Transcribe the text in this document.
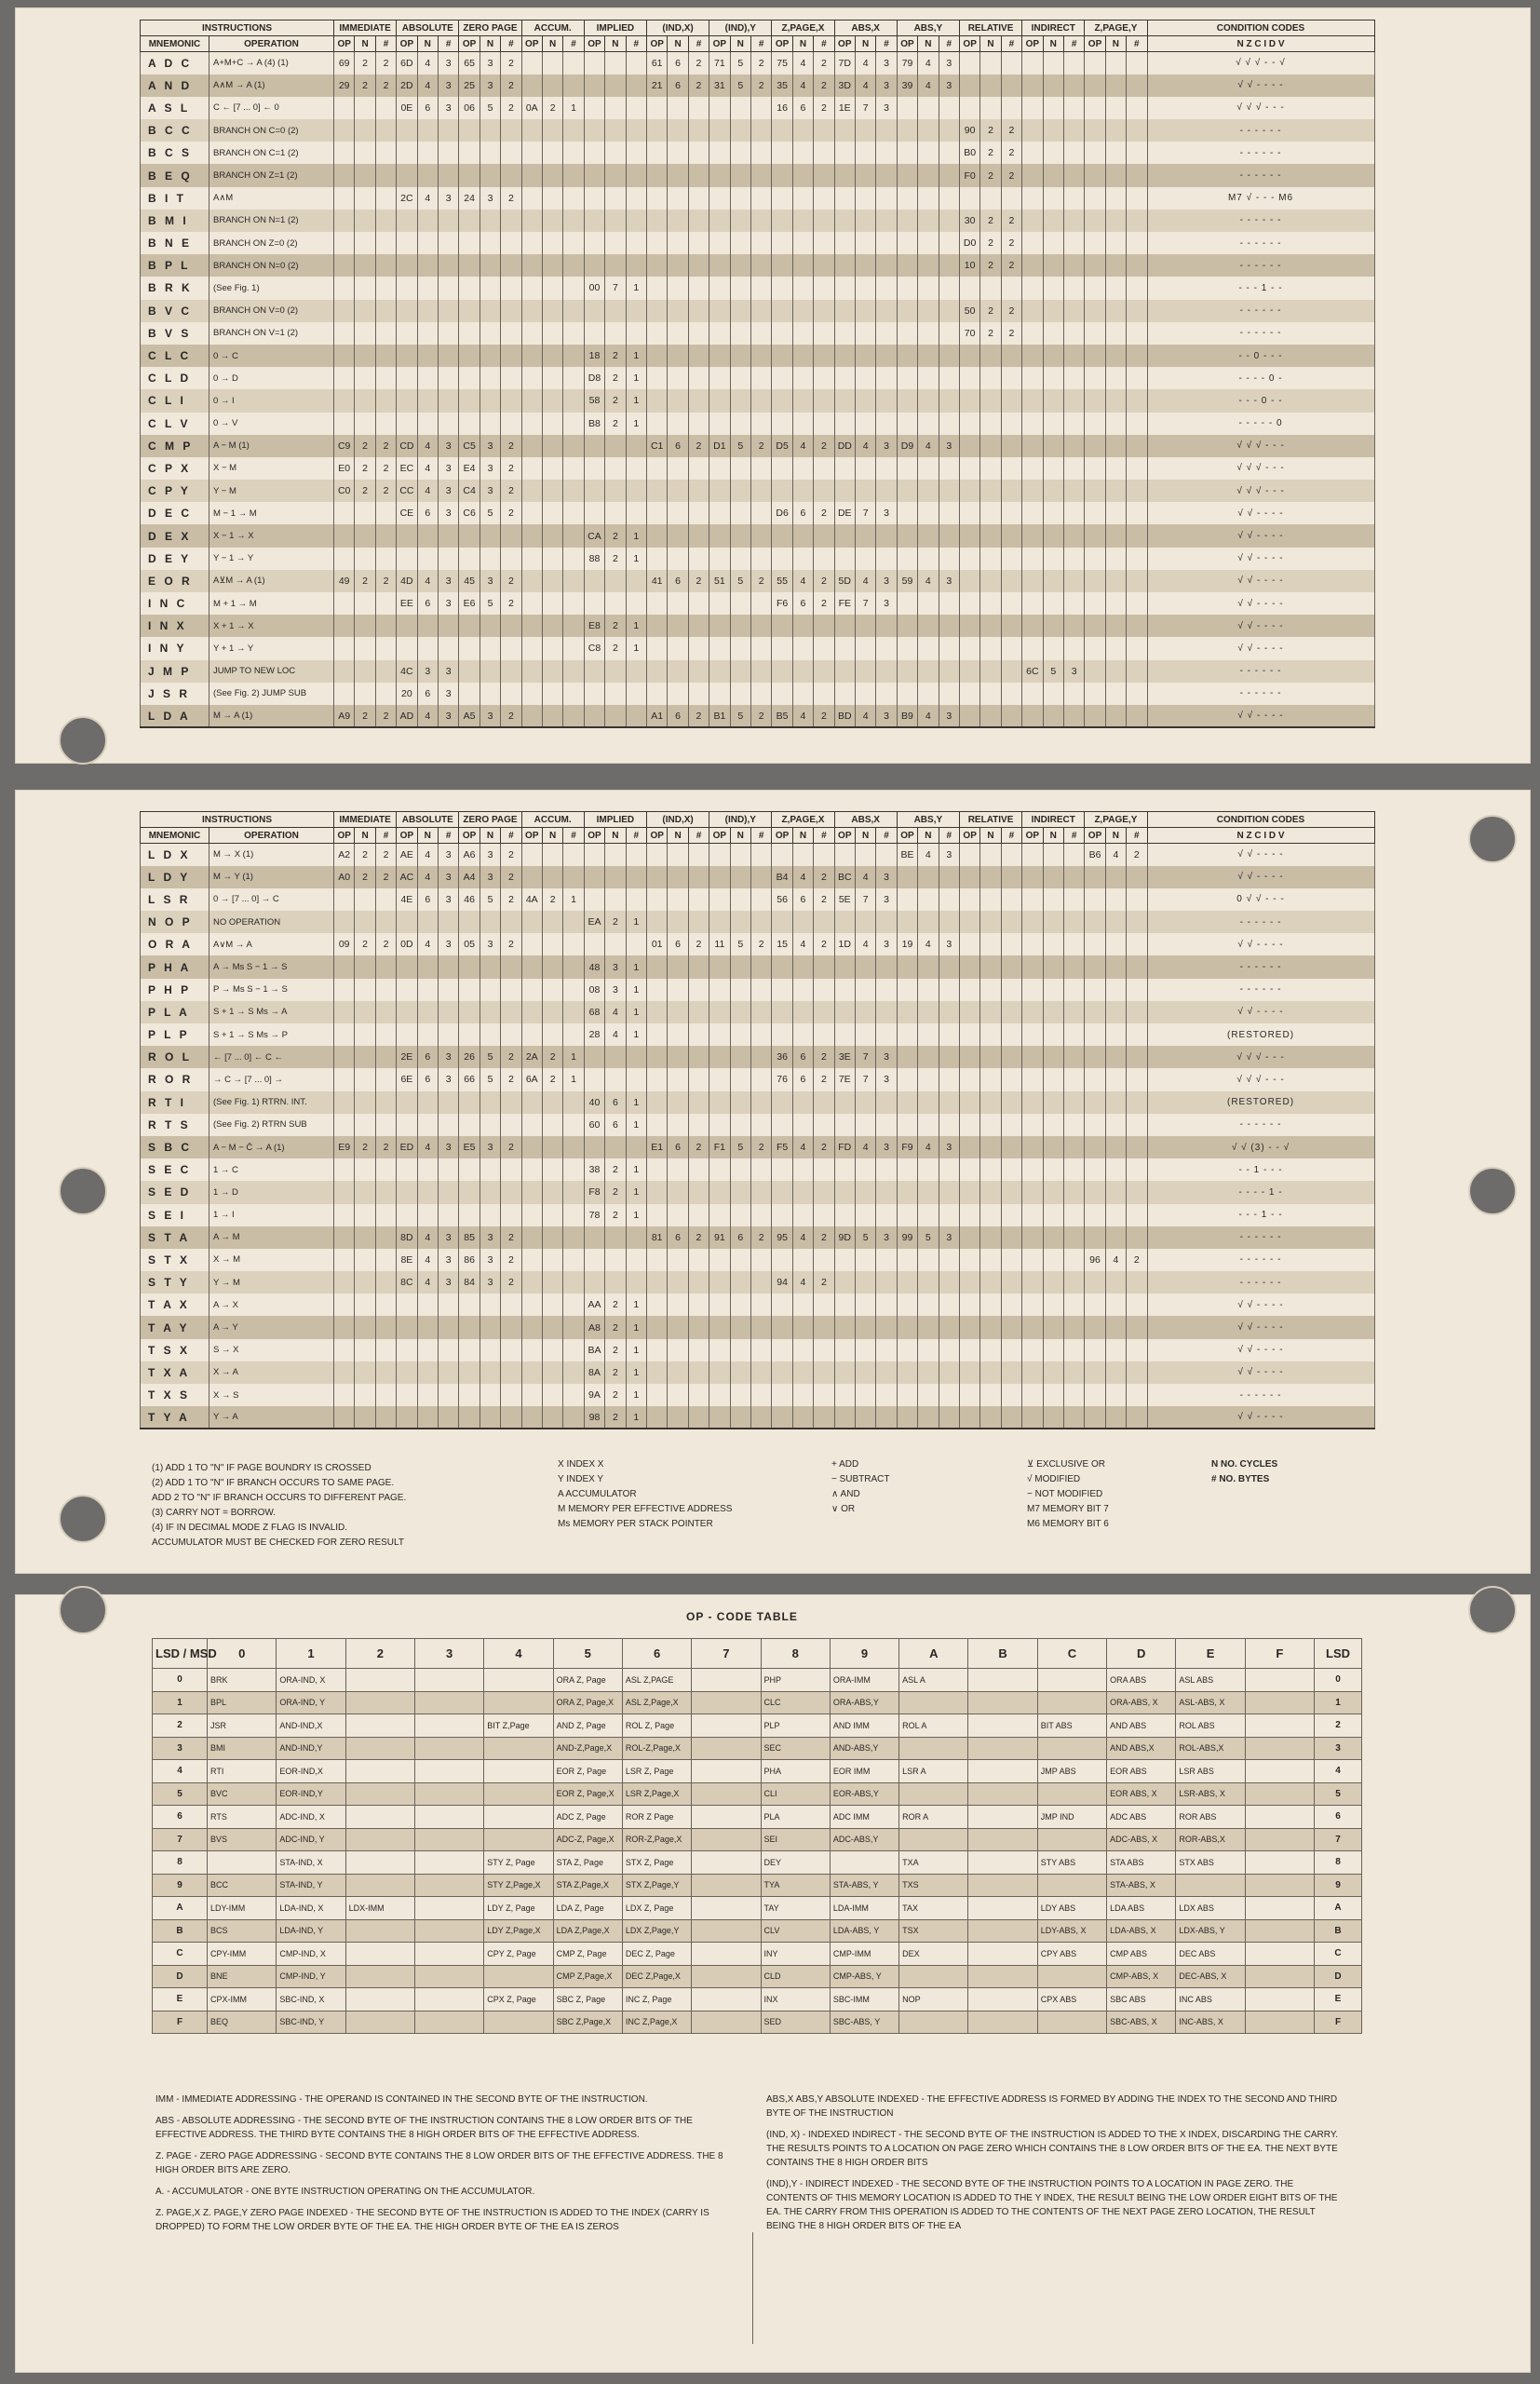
INSTRUCTIONS		IMMEDIATE			ABSOLUTE			ZERO PAGE			ACCUM.			IMPLIED			(IND,X)			(IND),Y			Z,PAGE,X			ABS,X			ABS,Y			RELATIVE			INDIRECT			Z,PAGE,Y			CONDITION CODES
MNEMONIC	OPERATION	OP	N	#	OP	N	#	OP	N	#	OP	N	#	OP	N	#	OP	N	#	OP	N	#	OP	N	#	OP	N	#	OP	N	#	OP	N	#	OP	N	#	OP	N	#	N Z C I D V
A D C	A+M+C → A (4) (1)	69	2	2	6D	4	3	65	3	2							61	6	2	71	5	2	75	4	2	7D	4	3	79	4	3										√ √ √ - - √
A N D	A∧M → A (1)	29	2	2	2D	4	3	25	3	2							21	6	2	31	5	2	35	4	2	3D	4	3	39	4	3										√ √ - - - -
A S L	C ← [7 ... 0] ← 0				0E	6	3	06	5	2	0A	2	1										16	6	2	1E	7	3													√ √ √ - - -
B C C	BRANCH ON C=0 (2)																															90	2	2							- - - - - -
B C S	BRANCH ON C=1 (2)																															B0	2	2							- - - - - -
B E Q	BRANCH ON Z=1 (2)																															F0	2	2							- - - - - -
B I T	A∧M				2C	4	3	24	3	2																															M7 √ - - - M6
B M I	BRANCH ON N=1 (2)																															30	2	2							- - - - - -
B N E	BRANCH ON Z=0 (2)																															D0	2	2							- - - - - -
B P L	BRANCH ON N=0 (2)																															10	2	2							- - - - - -
B R K	(See Fig. 1)													00	7	1																									- - - 1 - -
B V C	BRANCH ON V=0 (2)																															50	2	2							- - - - - -
B V S	BRANCH ON V=1 (2)																															70	2	2							- - - - - -
C L C	0 → C													18	2	1																									- - 0 - - -
C L D	0 → D													D8	2	1																									- - - - 0 -
C L I	0 → I													58	2	1																									- - - 0 - -
C L V	0 → V													B8	2	1																									- - - - - 0
C M P	A − M (1)	C9	2	2	CD	4	3	C5	3	2							C1	6	2	D1	5	2	D5	4	2	DD	4	3	D9	4	3										√ √ √ - - -
C P X	X − M	E0	2	2	EC	4	3	E4	3	2																															√ √ √ - - -
C P Y	Y − M	C0	2	2	CC	4	3	C4	3	2																															√ √ √ - - -
D E C	M − 1 → M				CE	6	3	C6	5	2													D6	6	2	DE	7	3													√ √ - - - -
D E X	X − 1 → X													CA	2	1																									√ √ - - - -
D E Y	Y − 1 → Y													88	2	1																									√ √ - - - -
E O R	A⊻M → A (1)	49	2	2	4D	4	3	45	3	2							41	6	2	51	5	2	55	4	2	5D	4	3	59	4	3										√ √ - - - -
I N C	M + 1 → M				EE	6	3	E6	5	2													F6	6	2	FE	7	3													√ √ - - - -
I N X	X + 1 → X													E8	2	1																									√ √ - - - -
I N Y	Y + 1 → Y													C8	2	1																									√ √ - - - -
J M P	JUMP TO NEW LOC				4C	3	3																												6C	5	3				- - - - - -
J S R	(See Fig. 2) JUMP SUB				20	6	3																																		- - - - - -
L D A	M → A (1)	A9	2	2	AD	4	3	A5	3	2							A1	6	2	B1	5	2	B5	4	2	BD	4	3	B9	4	3										√ √ - - - -
INSTRUCTIONS		IMMEDIATE			ABSOLUTE			ZERO PAGE			ACCUM.			IMPLIED			(IND,X)			(IND),Y			Z,PAGE,X			ABS,X			ABS,Y			RELATIVE			INDIRECT			Z,PAGE,Y			CONDITION CODES
MNEMONIC	OPERATION	OP	N	#	OP	N	#	OP	N	#	OP	N	#	OP	N	#	OP	N	#	OP	N	#	OP	N	#	OP	N	#	OP	N	#	OP	N	#	OP	N	#	OP	N	#	N Z C I D V
L D X	M → X (1)	A2	2	2	AE	4	3	A6	3	2																			BE	4	3							B6	4	2	√ √ - - - -
L D Y	M → Y (1)	A0	2	2	AC	4	3	A4	3	2													B4	4	2	BC	4	3													√ √ - - - -
L S R	0 → [7 ... 0] → C				4E	6	3	46	5	2	4A	2	1										56	6	2	5E	7	3													0 √ √ - - -
N O P	NO OPERATION													EA	2	1																									- - - - - -
O R A	A∨M → A	09	2	2	0D	4	3	05	3	2							01	6	2	11	5	2	15	4	2	1D	4	3	19	4	3										√ √ - - - -
P H A	A → Ms S − 1 → S													48	3	1																									- - - - - -
P H P	P → Ms S − 1 → S													08	3	1																									- - - - - -
P L A	S + 1 → S Ms → A													68	4	1																									√ √ - - - -
P L P	S + 1 → S Ms → P													28	4	1																									(RESTORED)
R O L	← [7 ... 0] ← C ←				2E	6	3	26	5	2	2A	2	1										36	6	2	3E	7	3													√ √ √ - - -
R O R	→ C → [7 ... 0] →				6E	6	3	66	5	2	6A	2	1										76	6	2	7E	7	3													√ √ √ - - -
R T I	(See Fig. 1) RTRN. INT.													40	6	1																									(RESTORED)
R T S	(See Fig. 2) RTRN SUB													60	6	1																									- - - - - -
S B C	A − M − C̄ → A (1)	E9	2	2	ED	4	3	E5	3	2							E1	6	2	F1	5	2	F5	4	2	FD	4	3	F9	4	3										√ √ (3) - - √
S E C	1 → C													38	2	1																									- - 1 - - -
S E D	1 → D													F8	2	1																									- - - - 1 -
S E I	1 → I													78	2	1																									- - - 1 - -
S T A	A → M				8D	4	3	85	3	2							81	6	2	91	6	2	95	4	2	9D	5	3	99	5	3										- - - - - -
S T X	X → M				8E	4	3	86	3	2																												96	4	2	- - - - - -
S T Y	Y → M				8C	4	3	84	3	2													94	4	2																- - - - - -
T A X	A → X													AA	2	1																									√ √ - - - -
T A Y	A → Y													A8	2	1																									√ √ - - - -
T S X	S → X													BA	2	1																									√ √ - - - -
T X A	X → A													8A	2	1																									√ √ - - - -
T X S	X → S													9A	2	1																									- - - - - -
T Y A	Y → A													98	2	1																									√ √ - - - -
(1) ADD 1 TO "N" IF PAGE BOUNDRY IS CROSSED
(2) ADD 1 TO "N" IF BRANCH OCCURS TO SAME PAGE.
ADD 2 TO "N" IF BRANCH OCCURS TO DIFFERENT PAGE.
(3) CARRY NOT = BORROW.
(4) IF IN DECIMAL MODE Z FLAG IS INVALID.
ACCUMULATOR MUST BE CHECKED FOR ZERO RESULT
X INDEX X
Y INDEX Y
A ACCUMULATOR
M MEMORY PER EFFECTIVE ADDRESS
Ms MEMORY PER STACK POINTER
+ ADD
− SUBTRACT
∧ AND
∨ OR
⊻ EXCLUSIVE OR
√ MODIFIED
− NOT MODIFIED
M7 MEMORY BIT 7
M6 MEMORY BIT 6
N NO. CYCLES
# NO. BYTES
OP - CODE TABLE
LSD / MSD	0	1	2	3	4	5	6	7	8	9	A	B	C	D	E	F	LSD
0	BRK	ORA-IND, X				ORA Z, Page	ASL Z,PAGE		PHP	ORA-IMM	ASL A			ORA ABS	ASL ABS		0
1	BPL	ORA-IND, Y				ORA Z, Page,X	ASL Z,Page,X		CLC	ORA-ABS,Y				ORA-ABS, X	ASL-ABS, X		1
2	JSR	AND-IND,X			BIT Z,Page	AND Z, Page	ROL Z, Page		PLP	AND IMM	ROL A		BIT ABS	AND ABS	ROL ABS		2
3	BMI	AND-IND,Y				AND-Z,Page,X	ROL-Z,Page,X		SEC	AND-ABS,Y				AND ABS,X	ROL-ABS,X		3
4	RTI	EOR-IND,X				EOR Z, Page	LSR Z, Page		PHA	EOR IMM	LSR A		JMP ABS	EOR ABS	LSR ABS		4
5	BVC	EOR-IND,Y				EOR Z, Page,X	LSR Z,Page,X		CLI	EOR-ABS,Y				EOR ABS, X	LSR-ABS, X		5
6	RTS	ADC-IND, X				ADC Z, Page	ROR Z Page		PLA	ADC IMM	ROR A		JMP IND	ADC ABS	ROR ABS		6
7	BVS	ADC-IND, Y				ADC-Z, Page,X	ROR-Z,Page,X		SEI	ADC-ABS,Y				ADC-ABS, X	ROR-ABS,X		7
8		STA-IND, X			STY Z, Page	STA Z, Page	STX Z, Page		DEY		TXA		STY ABS	STA ABS	STX ABS		8
9	BCC	STA-IND, Y			STY Z,Page,X	STA Z,Page,X	STX Z,Page,Y		TYA	STA-ABS, Y	TXS			STA-ABS, X			9
A	LDY-IMM	LDA-IND, X	LDX-IMM		LDY Z, Page	LDA Z, Page	LDX Z, Page		TAY	LDA-IMM	TAX		LDY ABS	LDA ABS	LDX ABS		A
B	BCS	LDA-IND, Y			LDY Z,Page,X	LDA Z,Page,X	LDX Z,Page,Y		CLV	LDA-ABS, Y	TSX		LDY-ABS, X	LDA-ABS, X	LDX-ABS, Y		B
C	CPY-IMM	CMP-IND, X			CPY Z, Page	CMP Z, Page	DEC Z, Page		INY	CMP-IMM	DEX		CPY ABS	CMP ABS	DEC ABS		C
D	BNE	CMP-IND, Y				CMP Z,Page,X	DEC Z,Page,X		CLD	CMP-ABS, Y				CMP-ABS, X	DEC-ABS, X		D
E	CPX-IMM	SBC-IND, X			CPX Z, Page	SBC Z, Page	INC Z, Page		INX	SBC-IMM	NOP		CPX ABS	SBC ABS	INC ABS		E
F	BEQ	SBC-IND, Y				SBC Z,Page,X	INC Z,Page,X		SED	SBC-ABS, Y				SBC-ABS, X	INC-ABS, X		F

IMM - IMMEDIATE ADDRESSING - THE OPERAND IS CONTAINED IN THE SECOND BYTE OF THE INSTRUCTION.

ABS - ABSOLUTE ADDRESSING - THE SECOND BYTE OF THE INSTRUCTION CONTAINS THE 8 LOW ORDER BITS OF THE EFFECTIVE ADDRESS. THE THIRD BYTE CONTAINS THE 8 HIGH ORDER BITS OF THE EFFECTIVE ADDRESS.

Z. PAGE - ZERO PAGE ADDRESSING - SECOND BYTE CONTAINS THE 8 LOW ORDER BITS OF THE EFFECTIVE ADDRESS. THE 8 HIGH ORDER BITS ARE ZERO.

A. - ACCUMULATOR - ONE BYTE INSTRUCTION OPERATING ON THE ACCUMULATOR.

Z. PAGE,X Z. PAGE,Y ZERO PAGE INDEXED - THE SECOND BYTE OF THE INSTRUCTION IS ADDED TO THE INDEX (CARRY IS DROPPED) TO FORM THE LOW ORDER BYTE OF THE EA. THE HIGH ORDER BYTE OF THE EA IS ZEROS

ABS,X ABS,Y ABSOLUTE INDEXED - THE EFFECTIVE ADDRESS IS FORMED BY ADDING THE INDEX TO THE SECOND AND THIRD BYTE OF THE INSTRUCTION

(IND, X) - INDEXED INDIRECT - THE SECOND BYTE OF THE INSTRUCTION IS ADDED TO THE X INDEX, DISCARDING THE CARRY. THE RESULTS POINTS TO A LOCATION ON PAGE ZERO WHICH CONTAINS THE 8 LOW ORDER BITS OF THE EA. THE NEXT BYTE CONTAINS THE 8 HIGH ORDER BITS

(IND),Y - INDIRECT INDEXED - THE SECOND BYTE OF THE INSTRUCTION POINTS TO A LOCATION IN PAGE ZERO. THE CONTENTS OF THIS MEMORY LOCATION IS ADDED TO THE Y INDEX, THE RESULT BEING THE LOW ORDER EIGHT BITS OF THE EA. THE CARRY FROM THIS OPERATION IS ADDED TO THE CONTENTS OF THE NEXT PAGE ZERO LOCATION, THE RESULT BEING THE 8 HIGH ORDER BITS OF THE EA
